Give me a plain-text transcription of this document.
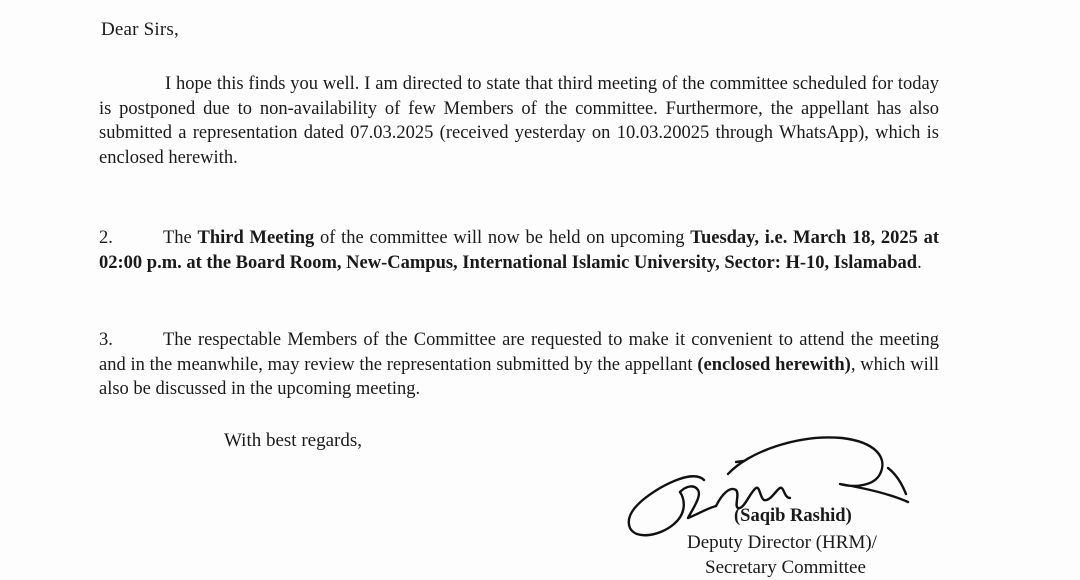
Dear Sirs,
I hope this finds you well. I am directed to state that third meeting of the committee scheduled for today is postponed due to non-availability of few Members of the committee. Furthermore, the appellant has also submitted a representation dated 07.03.2025 (received yesterday on 10.03.20025 through WhatsApp), which is enclosed herewith.
2.	The Third Meeting of the committee will now be held on upcoming Tuesday, i.e. March 18, 2025 at 02:00 p.m. at the Board Room, New-Campus, International Islamic University, Sector: H-10, Islamabad.
3.	The respectable Members of the Committee are requested to make it convenient to attend the meeting and in the meanwhile, may review the representation submitted by the appellant (enclosed herewith), which will also be discussed in the upcoming meeting.
With best regards,
(Saqib Rashid)
Deputy Director (HRM)/
Secretary Committee
